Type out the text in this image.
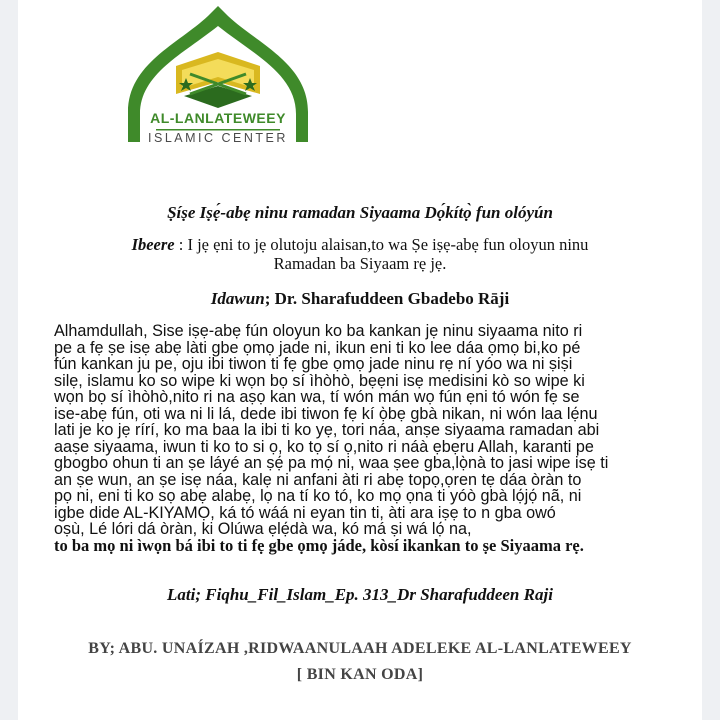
AL-LANLATEWEEY
ISLAMIC CENTER
Ṣíṣe Iṣẹ́-abẹ ninu ramadan Siyaama Dọ́kítọ̀ fun olóyún
Ibeere : I jẹ ẹni to jẹ olutoju alaisan,to wa Ṣe iṣẹ-abẹ fun oloyun ninu
Ramadan ba Siyaam rẹ jẹ.
Idawun; Dr. Sharafuddeen Gbadebo Rāji
Alhamdullah, Sise iṣẹ-abẹ fún oloyun ko ba kankan jẹ ninu siyaama nito ri
pe a fẹ ṣe isẹ abẹ làti gbe ọmọ jade ni, ikun eni ti ko lee dáa ọmọ bi,ko pé
fún kankan ju pe, oju ibi tiwon ti fẹ gbe ọmọ jade ninu rẹ ní yóo wa ni ṣiṣi
silẹ, islamu ko so wipe ki wọn bọ sí ìhòhò, bẹẹni isẹ medisini kò so wipe ki
wọn bọ sí ìhòhò,nito ri na aṣọ kan wa, tí wón mán wọ fún ẹni tó wón fẹ se
ise-abẹ fún, oti wa ni li lá, dede ibi tiwon fẹ kí ọ̀bẹ gbà nikan, ni wón laa lẹ́nu
lati je ko jẹ rírí, ko ma baa la ibi ti ko yẹ, tori náa, anṣe siyaama ramadan abi
aaṣe siyaama, iwun ti ko to si ọ, ko tọ sí ọ,nito ri náà ẹbẹru Allah, karanti pe
gbogbo ohun ti an ṣe láyé an ṣẹ́ pa mọ́ ni, waa ṣee gba,lọ̀nà to jasi wipe isẹ ti
an ṣe wun, an ṣe isẹ náa, kalẹ ni anfani àti ri abẹ topọ,ọren tẹ dáa òràn to
pọ ni, eni ti ko sọ abẹ alabẹ, lọ na tí ko tó, ko mọ ọna ti yóò gbà lọ́jọ́ nã, ni
igbe dide AL-KIYAMỌ, ká tó wáá ni eyan tin ti, àti ara iṣẹ to n gba owó
oṣù, Lé lóri dá òràn, ki Olúwa ẹlẹ́dà wa, kó má ṣi wá lọ́ na,
to ba mọ ni ìwọn bá ibi to ti fẹ gbe ọmọ jáde, kòsí ikankan to ṣe Siyaama rẹ.
Lati; Fiqhu_Fil_Islam_Ep. 313_Dr Sharafuddeen Raji
BY; ABU. UNAÍZAH ,RIDWAANULAAH ADELEKE AL-LANLATEWEEY
[ BIN KAN ODA]
